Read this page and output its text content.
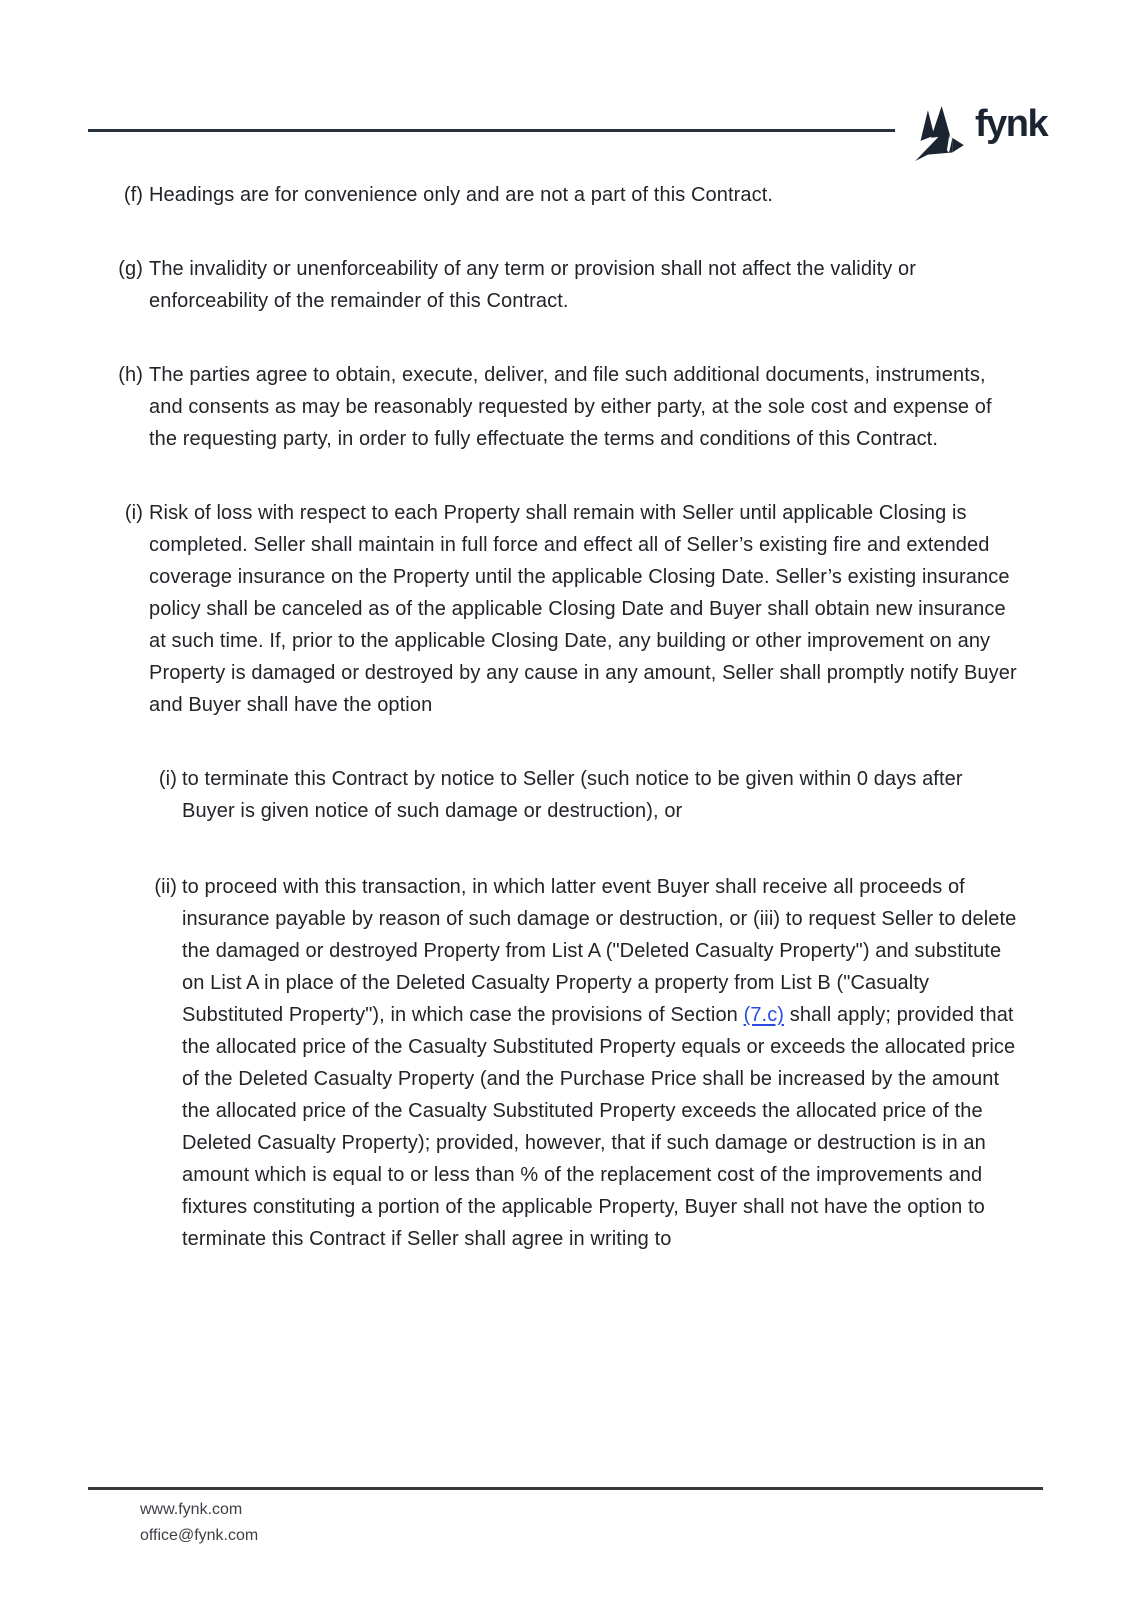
fynk
(f) Headings are for convenience only and are not a part of this Contract.
(g) The invalidity or unenforceability of any term or provision shall not affect the validity or enforceability of the remainder of this Contract.
(h) The parties agree to obtain, execute, deliver, and file such additional documents, instruments, and consents as may be reasonably requested by either party, at the sole cost and expense of the requesting party, in order to fully effectuate the terms and conditions of this Contract.
(i) Risk of loss with respect to each Property shall remain with Seller until applicable Closing is completed. Seller shall maintain in full force and effect all of Seller’s existing fire and extended coverage insurance on the Property until the applicable Closing Date. Seller’s existing insurance policy shall be canceled as of the applicable Closing Date and Buyer shall obtain new insurance at such time. If, prior to the applicable Closing Date, any building or other improvement on any Property is damaged or destroyed by any cause in any amount, Seller shall promptly notify Buyer and Buyer shall have the option
(i) to terminate this Contract by notice to Seller (such notice to be given within 0 days after Buyer is given notice of such damage or destruction), or
(ii) to proceed with this transaction, in which latter event Buyer shall receive all proceeds of insurance payable by reason of such damage or destruction, or (iii) to request Seller to delete the damaged or destroyed Property from List A ("Deleted Casualty Property") and substitute on List A in place of the Deleted Casualty Property a property from List B ("Casualty Substituted Property"), in which case the provisions of Section (7.c) shall apply; provided that the allocated price of the Casualty Substituted Property equals or exceeds the allocated price of the Deleted Casualty Property (and the Purchase Price shall be increased by the amount the allocated price of the Casualty Substituted Property exceeds the allocated price of the Deleted Casualty Property); provided, however, that if such damage or destruction is in an amount which is equal to or less than % of the replacement cost of the improvements and fixtures constituting a portion of the applicable Property, Buyer shall not have the option to terminate this Contract if Seller shall agree in writing to
www.fynk.com
office@fynk.com
